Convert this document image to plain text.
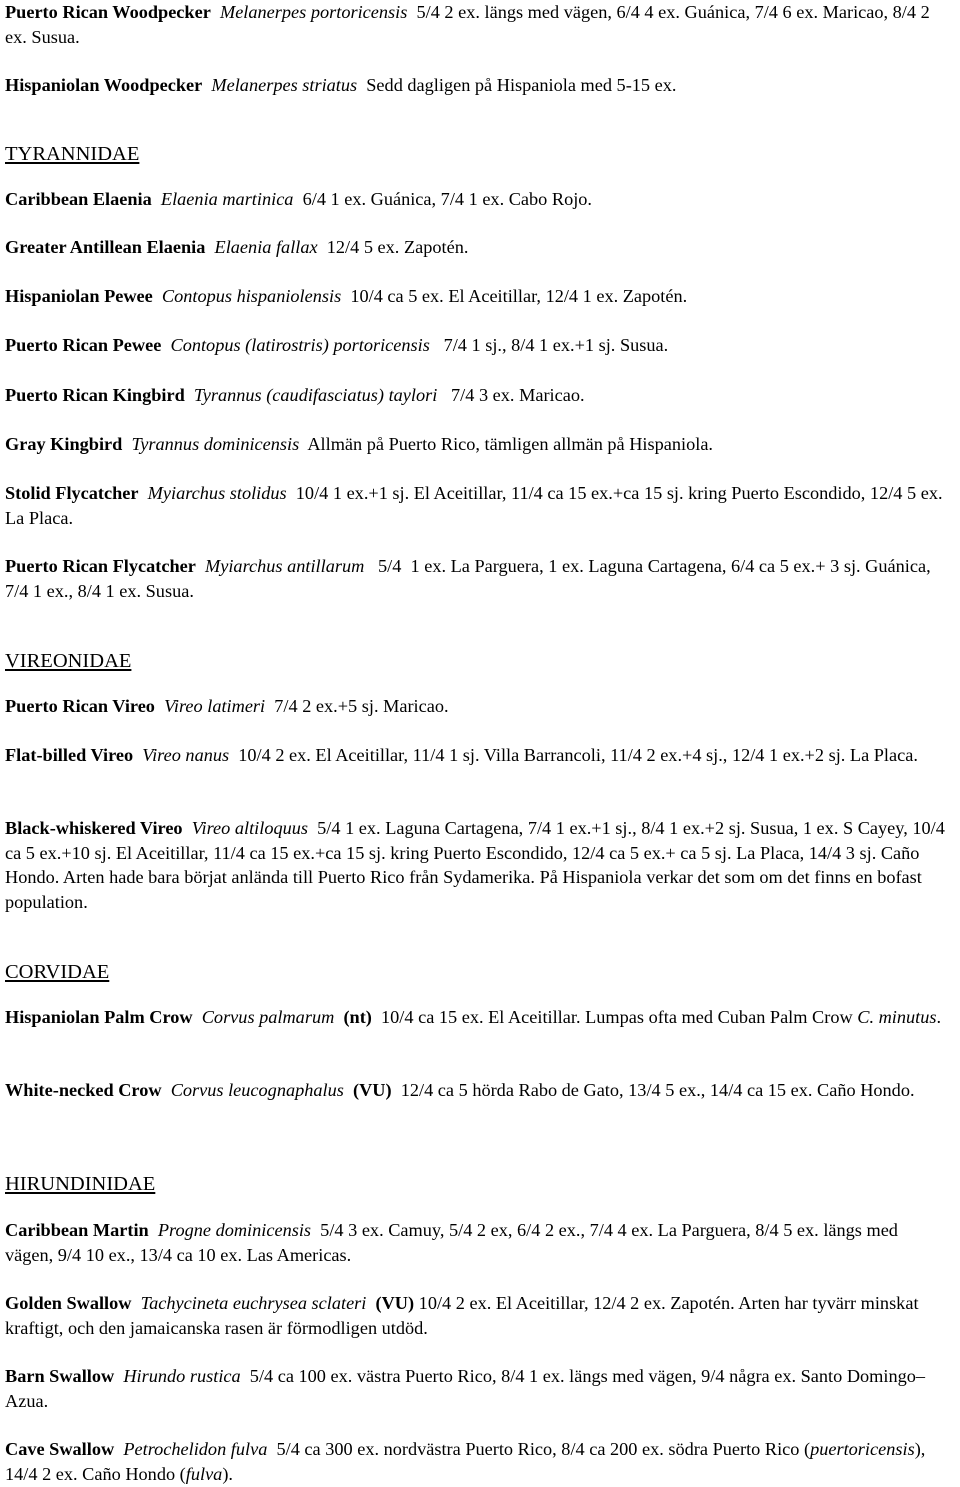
Puerto Rican Woodpecker Melanerpes portoricensis  5/4 2 ex. längs med vägen, 6/4 4 ex. Guánica, 7/4 6 ex. Maricao, 8/4 2 ex. Susua.
Hispaniolan Woodpecker Melanerpes striatus  Sedd dagligen på Hispaniola med 5-15 ex.
TYRANNIDAE
Caribbean Elaenia Elaenia martinica  6/4 1 ex. Guánica, 7/4 1 ex. Cabo Rojo.
Greater Antillean Elaenia Elaenia fallax  12/4 5 ex. Zapotén.
Hispaniolan Pewee Contopus hispaniolensis  10/4 ca 5 ex. El Aceitillar, 12/4 1 ex. Zapotén.
Puerto Rican Pewee Contopus (latirostris) portoricensis   7/4 1 sj., 8/4 1 ex.+1 sj. Susua.
Puerto Rican Kingbird Tyrannus (caudifasciatus) taylori   7/4 3 ex. Maricao.
Gray Kingbird Tyrannus dominicensis  Allmän på Puerto Rico, tämligen allmän på Hispaniola.
Stolid Flycatcher Myiarchus stolidus  10/4 1 ex.+1 sj. El Aceitillar, 11/4 ca 15 ex.+ca 15 sj. kring Puerto Escondido, 12/4 5 ex. La Placa.
Puerto Rican Flycatcher Myiarchus antillarum   5/4  1 ex. La Parguera, 1 ex. Laguna Cartagena, 6/4 ca 5 ex.+ 3 sj. Guánica, 7/4 1 ex., 8/4 1 ex. Susua.
VIREONIDAE
Puerto Rican Vireo Vireo latimeri  7/4 2 ex.+5 sj. Maricao.
Flat-billed Vireo Vireo nanus  10/4 2 ex. El Aceitillar, 11/4 1 sj. Villa Barrancoli, 11/4 2 ex.+4 sj., 12/4 1 ex.+2 sj. La Placa.
Black-whiskered Vireo Vireo altiloquus  5/4 1 ex. Laguna Cartagena, 7/4 1 ex.+1 sj., 8/4 1 ex.+2 sj. Susua, 1 ex. S Cayey, 10/4 ca 5 ex.+10 sj. El Aceitillar, 11/4 ca 15 ex.+ca 15 sj. kring Puerto Escondido, 12/4 ca 5 ex.+ ca 5 sj. La Placa, 14/4 3 sj. Caño Hondo. Arten hade bara börjat anlända till Puerto Rico från Sydamerika. På Hispaniola verkar det som om det finns en bofast population.
CORVIDAE
Hispaniolan Palm Crow Corvus palmarum (nt)  10/4 ca 15 ex. El Aceitillar. Lumpas ofta med Cuban Palm Crow C. minutus.
White-necked Crow Corvus leucognaphalus (VU)  12/4 ca 5 hörda Rabo de Gato, 13/4 5 ex., 14/4 ca 15 ex. Caño Hondo.
HIRUNDINIDAE
Caribbean Martin Progne dominicensis  5/4 3 ex. Camuy, 5/4 2 ex, 6/4 2 ex., 7/4 4 ex. La Parguera, 8/4 5 ex. längs med vägen, 9/4 10 ex., 13/4 ca 10 ex. Las Americas.
Golden Swallow Tachycineta euchrysea sclateri (VU) 10/4 2 ex. El Aceitillar, 12/4 2 ex. Zapotén. Arten har tyvärr minskat kraftigt, och den jamaicanska rasen är förmodligen utdöd.
Barn Swallow Hirundo rustica  5/4 ca 100 ex. västra Puerto Rico, 8/4 1 ex. längs med vägen, 9/4 några ex. Santo Domingo–Azua.
Cave Swallow Petrochelidon fulva  5/4 ca 300 ex. nordvästra Puerto Rico, 8/4 ca 200 ex. södra Puerto Rico (puertoricensis), 14/4 2 ex. Caño Hondo (fulva).
